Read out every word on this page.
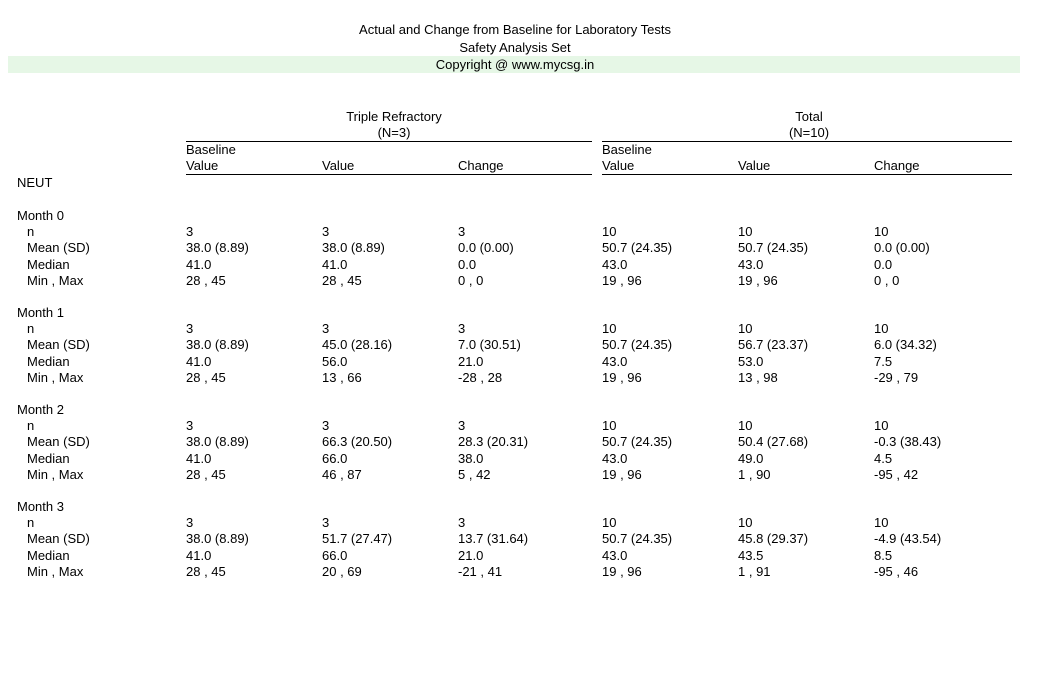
Actual and Change from Baseline for Laboratory Tests
Safety Analysis Set
Copyright @ www.mycsg.in
Triple Refractory
(N=3)
Total
(N=10)
Baseline
Value	Value	Change
Baseline
Value	Value	Change
NEUT
Month 0
n	3	3	3	10	10	10
Mean (SD)	38.0 (8.89)	38.0 (8.89)	0.0 (0.00)	50.7 (24.35)	50.7 (24.35)	0.0 (0.00)
Median	41.0	41.0	0.0	43.0	43.0	0.0
Min , Max	28 , 45	28 , 45	0 , 0	19 , 96	19 , 96	0 , 0
Month 1
n	3	3	3	10	10	10
Mean (SD)	38.0 (8.89)	45.0 (28.16)	7.0 (30.51)	50.7 (24.35)	56.7 (23.37)	6.0 (34.32)
Median	41.0	56.0	21.0	43.0	53.0	7.5
Min , Max	28 , 45	13 , 66	-28 , 28	19 , 96	13 , 98	-29 , 79
Month 2
n	3	3	3	10	10	10
Mean (SD)	38.0 (8.89)	66.3 (20.50)	28.3 (20.31)	50.7 (24.35)	50.4 (27.68)	-0.3 (38.43)
Median	41.0	66.0	38.0	43.0	49.0	4.5
Min , Max	28 , 45	46 , 87	5 , 42	19 , 96	1 , 90	-95 , 42
Month 3
n	3	3	3	10	10	10
Mean (SD)	38.0 (8.89)	51.7 (27.47)	13.7 (31.64)	50.7 (24.35)	45.8 (29.37)	-4.9 (43.54)
Median	41.0	66.0	21.0	43.0	43.5	8.5
Min , Max	28 , 45	20 , 69	-21 , 41	19 , 96	1 , 91	-95 , 46
